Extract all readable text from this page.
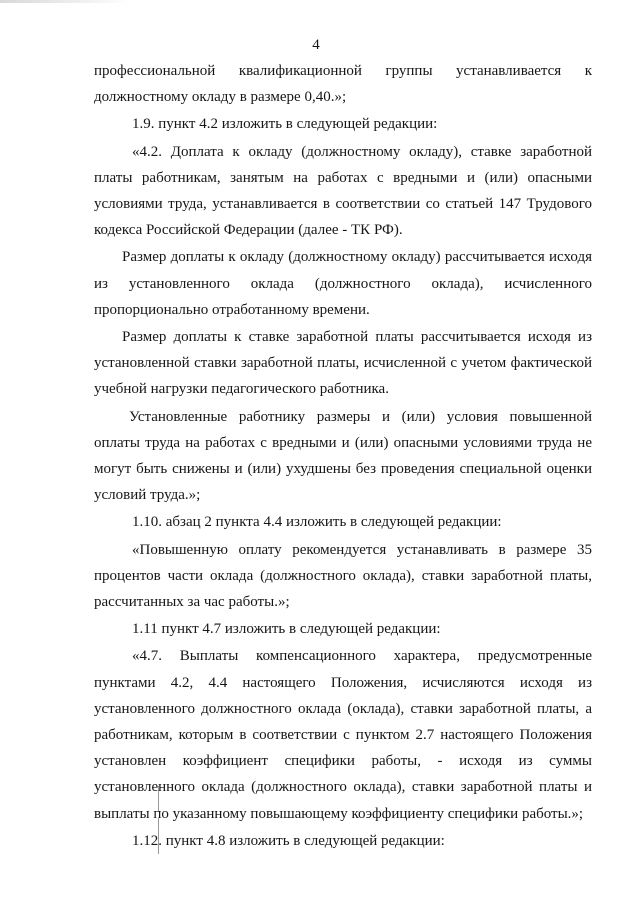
4

профессиональной квалификационной группы устанавливается к

должностному окладу в размере 0,40.»;

1.9. пункт 4.2 изложить в следующей редакции:

«4.2. Доплата к окладу (должностному окладу), ставке заработной

платы работникам, занятым на работах с вредными и (или) опасными

условиями труда, устанавливается в соответствии со статьей 147 Трудового

кодекса Российской Федерации (далее - ТК РФ).

Размер доплаты к окладу (должностному окладу) рассчитывается исходя

из установленного оклада (должностного оклада), исчисленного

пропорционально отработанному времени.

Размер доплаты к ставке заработной платы рассчитывается исходя из

установленной ставки заработной платы, исчисленной с учетом фактической

учебной нагрузки педагогического работника.

Установленные работнику размеры и (или) условия повышенной

оплаты труда на работах с вредными и (или) опасными условиями труда не

могут быть снижены и (или) ухудшены без проведения специальной оценки

условий труда.»;

1.10. абзац 2 пункта 4.4 изложить в следующей редакции:

«Повышенную оплату рекомендуется устанавливать в размере 35

процентов части оклада (должностного оклада), ставки заработной платы,

рассчитанных за час работы.»;

1.11 пункт 4.7 изложить в следующей редакции:

«4.7. Выплаты компенсационного характера, предусмотренные

пунктами 4.2, 4.4 настоящего Положения, исчисляются исходя из

установленного должностного оклада (оклада), ставки заработной платы, а

работникам, которым в соответствии с пунктом 2.7 настоящего Положения

установлен коэффициент специфики работы, - исходя из суммы

установленного оклада (должностного оклада), ставки заработной платы и

выплаты по указанному повышающему коэффициенту специфики работы.»;

1.12. пункт 4.8 изложить в следующей редакции:
